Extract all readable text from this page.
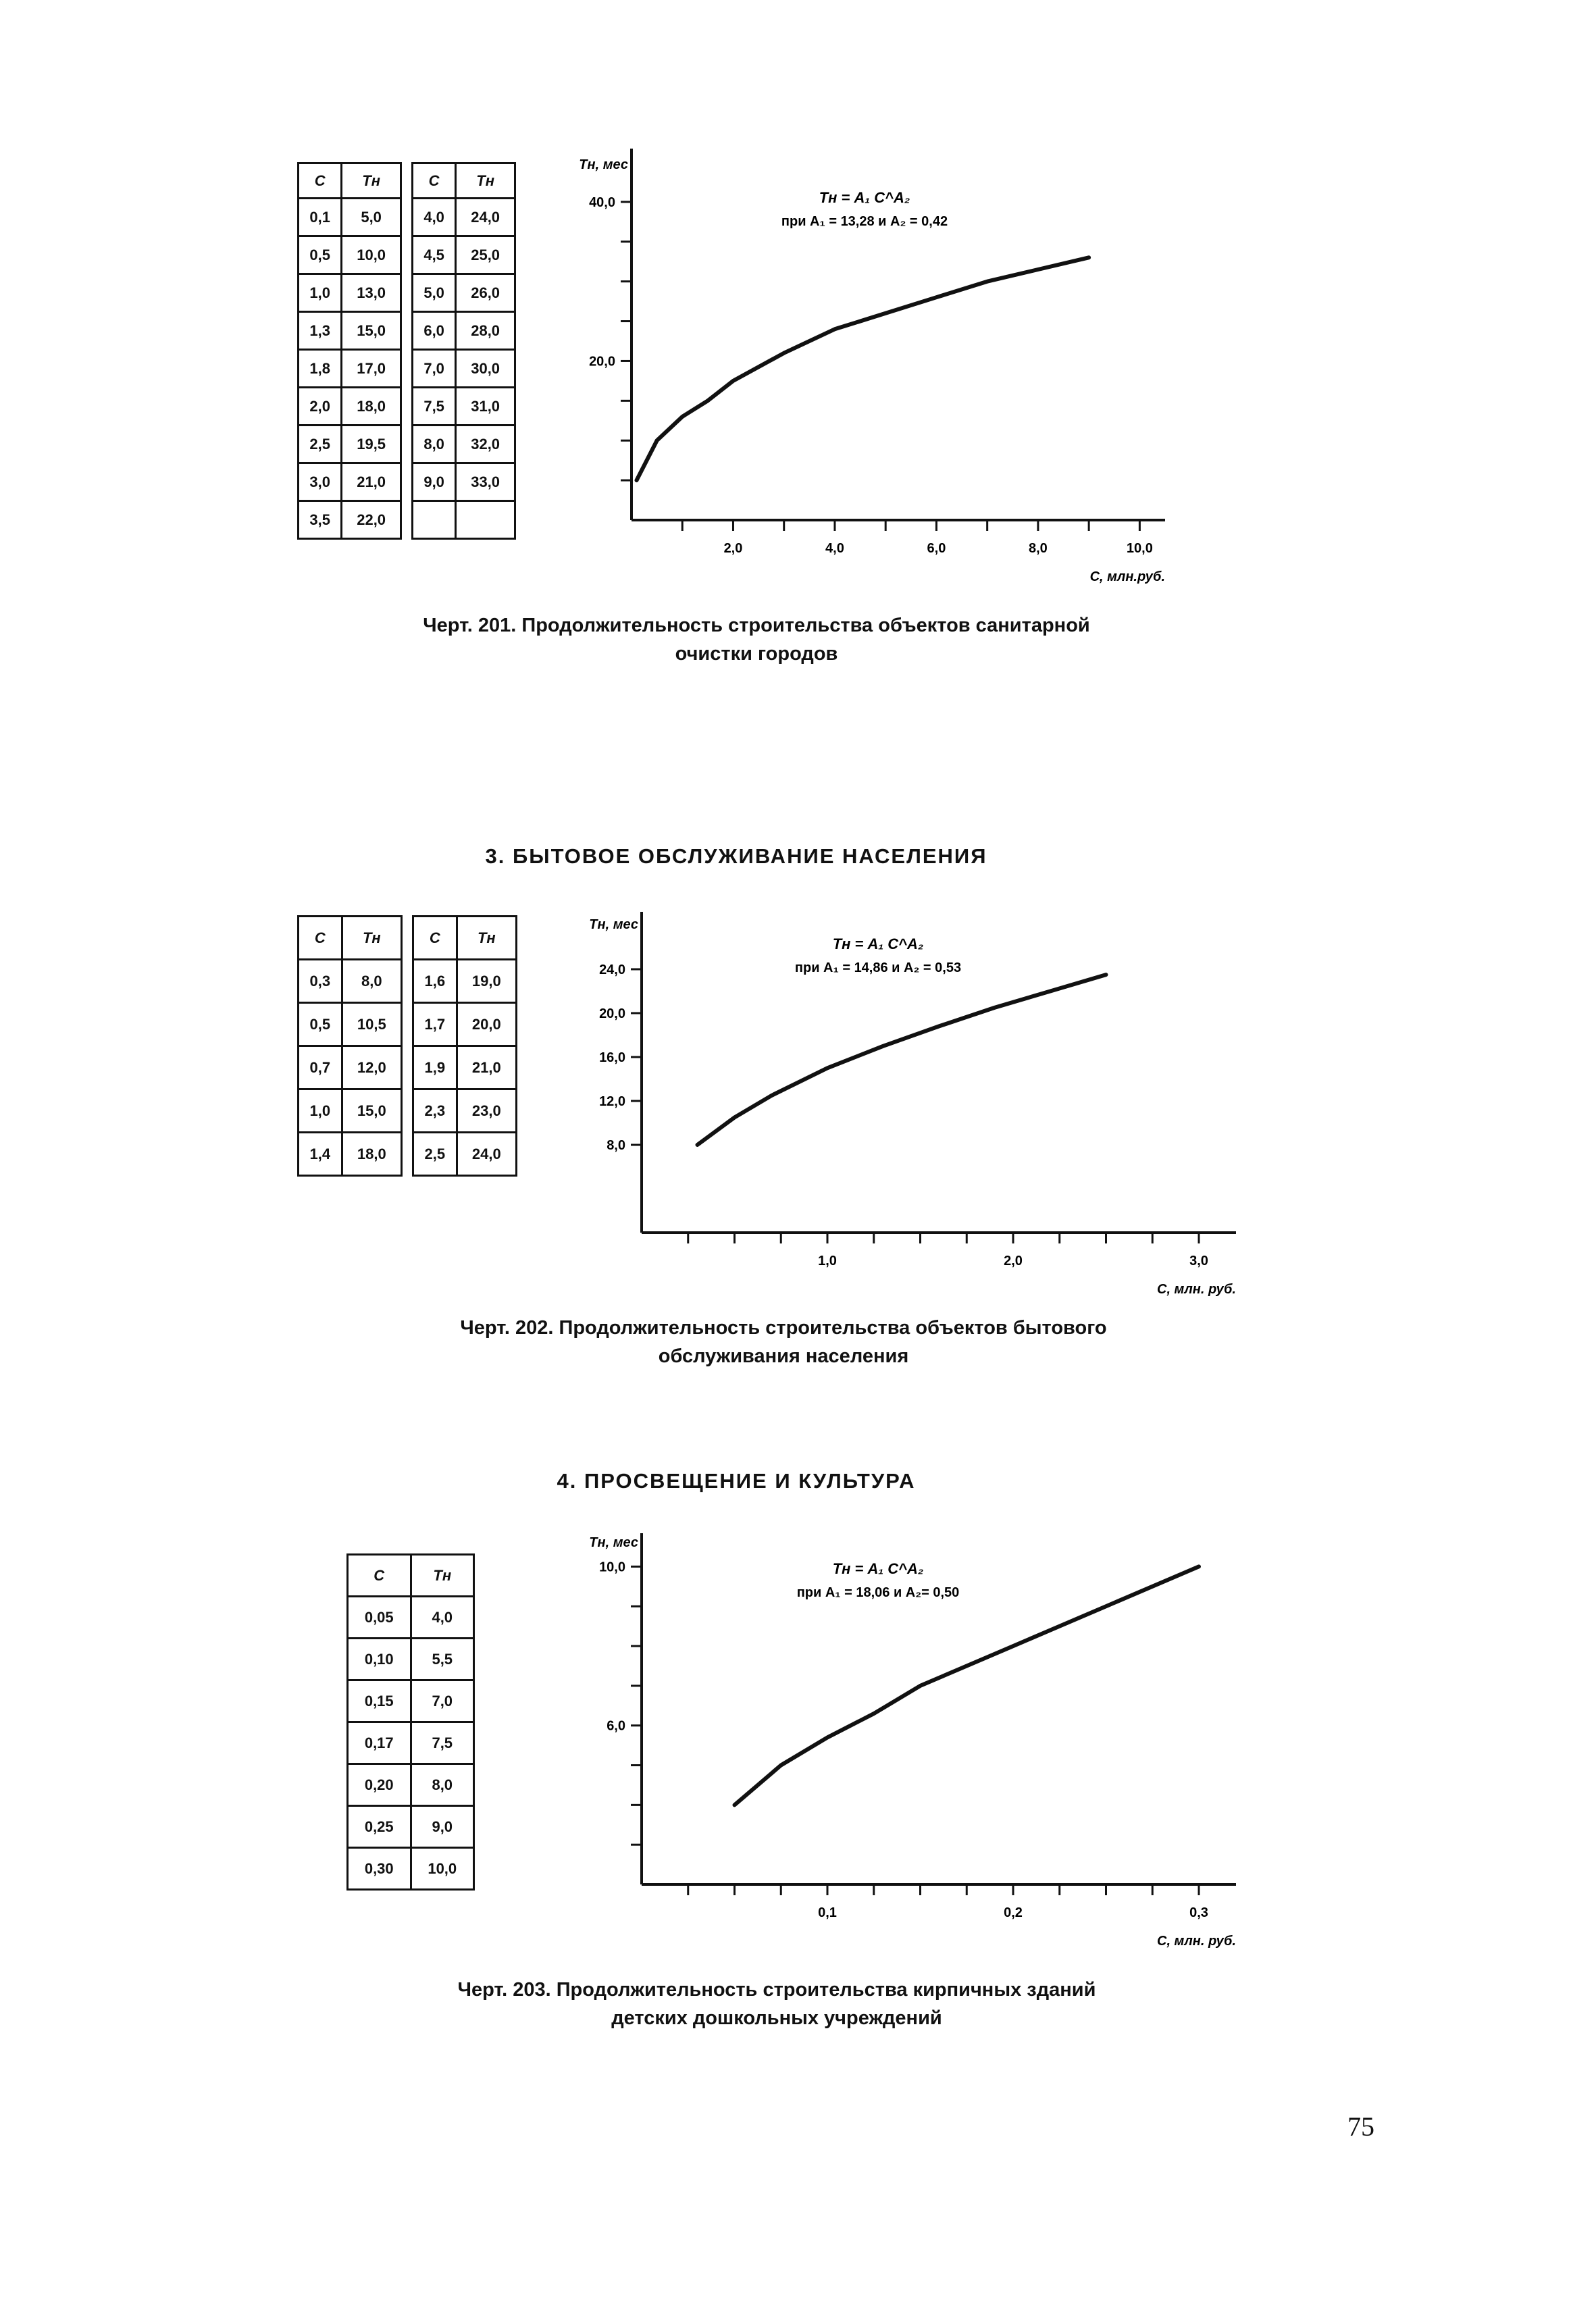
C	Tн		C	Tн
0,1	5,0		4,0	24,0
0,5	10,0		4,5	25,0
1,0	13,0		5,0	26,0
1,3	15,0		6,0	28,0
1,8	17,0		7,0	30,0
2,0	18,0		7,5	31,0
2,5	19,5		8,0	32,0
3,0	21,0		9,0	33,0
3,5	22,0			
2,0	4,0	6,0	8,0	10,0
20,0
40,0
Tн, мес
C, млн.руб.
Tн = A₁ C^A₂
при A₁ = 13,28 и A₂ = 0,42
Черт. 201. Продолжительность строительства объектов санитарной
очистки городов
3. БЫТОВОЕ ОБСЛУЖИВАНИЕ НАСЕЛЕНИЯ
C	Tн		C	Tн
0,3	8,0		1,6	19,0
0,5	10,5		1,7	20,0
0,7	12,0		1,9	21,0
1,0	15,0		2,3	23,0
1,4	18,0		2,5	24,0
1,0	2,0	3,0
8,0
12,0
16,0
20,0
24,0
Tн, мес
C, млн. руб.
Tн = A₁ C^A₂
при A₁ = 14,86 и A₂ = 0,53
Черт. 202. Продолжительность строительства объектов бытового
обслуживания населения
4. ПРОСВЕЩЕНИЕ И КУЛЬТУРА
C	Tн
0,05	4,0
0,10	5,5
0,15	7,0
0,17	7,5
0,20	8,0
0,25	9,0
0,30	10,0
0,1	0,2	0,3
6,0
10,0
Tн, мес
C, млн. руб.
Tн = A₁ C^A₂
при A₁ = 18,06 и A₂= 0,50
Черт. 203. Продолжительность строительства кирпичных зданий
детских дошкольных учреждений
75
